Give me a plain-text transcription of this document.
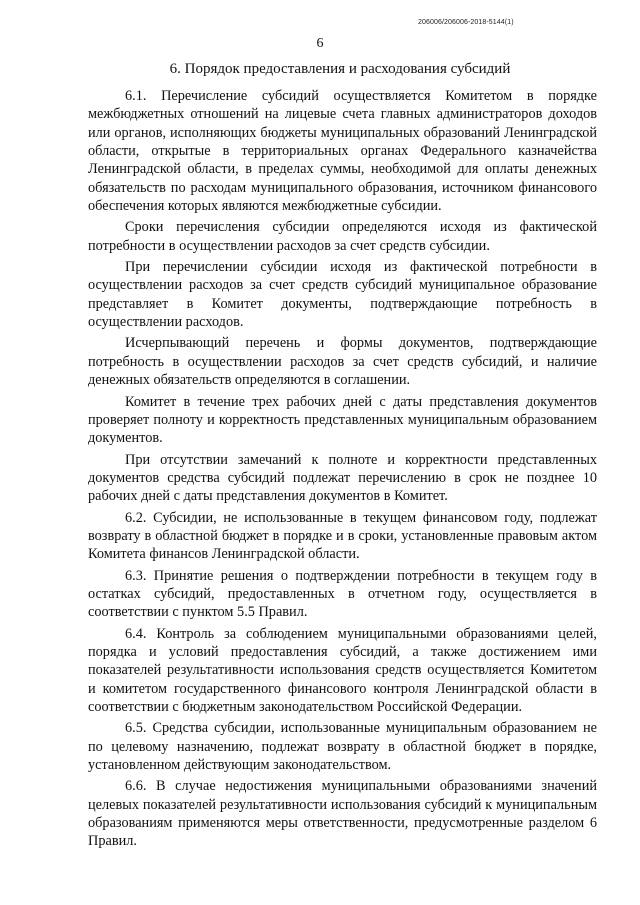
206006/206006-2018-5144(1)
6
6. Порядок предоставления и расходования субсидий

6.1. Перечисление субсидий осуществляется Комитетом в порядке межбюджетных отношений на лицевые счета главных администраторов доходов или органов, исполняющих бюджеты муниципальных образований Ленинградской области, открытые в территориальных органах Федерального казначейства Ленинградской области, в пределах суммы, необходимой для оплаты денежных обязательств по расходам муниципального образования, источником финансового обеспечения которых являются межбюджетные субсидии.

Сроки перечисления субсидии определяются исходя из фактической потребности в осуществлении расходов за счет средств субсидии.

При перечислении субсидии исходя из фактической потребности в осуществлении расходов за счет средств субсидий муниципальное образование представляет в Комитет документы, подтверждающие потребность в осуществлении расходов.

Исчерпывающий перечень и формы документов, подтверждающие потребность в осуществлении расходов за счет средств субсидий, и наличие денежных обязательств определяются в соглашении.

Комитет в течение трех рабочих дней с даты представления документов проверяет полноту и корректность представленных муниципальным образованием документов.

При отсутствии замечаний к полноте и корректности представленных документов средства субсидий подлежат перечислению в срок не позднее 10 рабочих дней с даты представления документов в Комитет.

6.2. Субсидии, не использованные в текущем финансовом году, подлежат возврату в областной бюджет в порядке и в сроки, установленные правовым актом Комитета финансов Ленинградской области.

6.3. Принятие решения о подтверждении потребности в текущем году в остатках субсидий, предоставленных в отчетном году, осуществляется в соответствии с пунктом 5.5 Правил.

6.4. Контроль за соблюдением муниципальными образованиями целей, порядка и условий предоставления субсидий, а также достижением ими показателей результативности использования средств осуществляется Комитетом и комитетом государственного финансового контроля Ленинградской области в соответствии с бюджетным законодательством Российской Федерации.

6.5. Средства субсидии, использованные муниципальным образованием не по целевому назначению, подлежат возврату в областной бюджет в порядке, установленном действующим законодательством.

6.6. В случае недостижения муниципальными образованиями значений целевых показателей результативности использования субсидий к муниципальным образованиям применяются меры ответственности, предусмотренные разделом 6 Правил.
